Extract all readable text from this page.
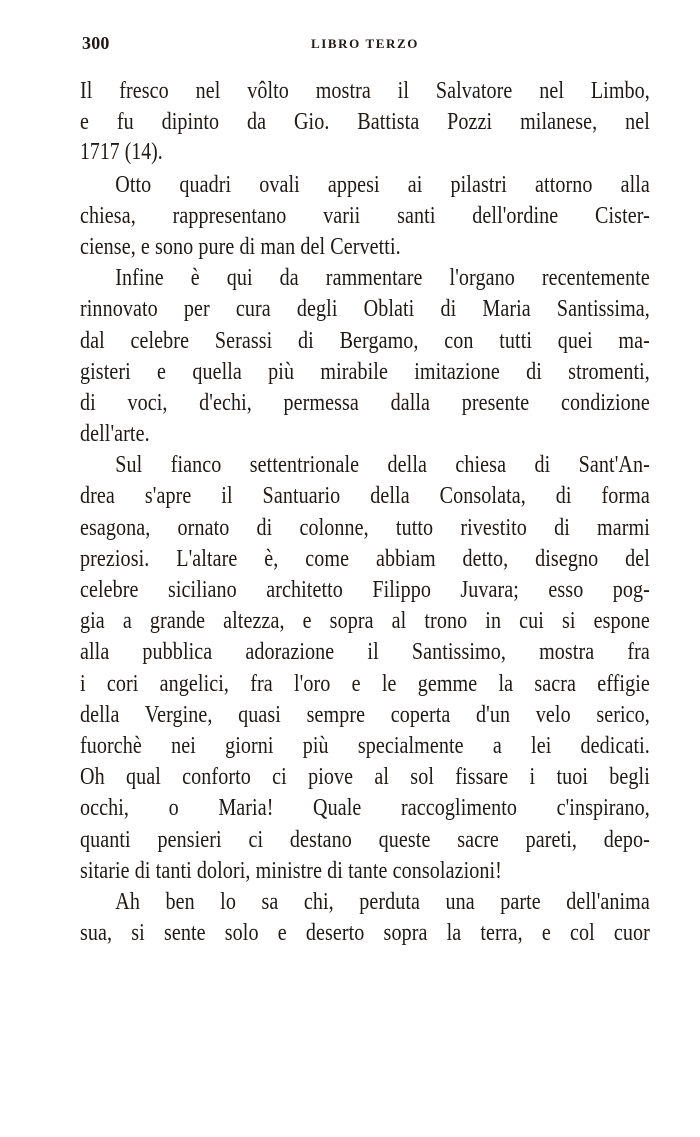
300	LIBRO TERZO
Il fresco nel vôlto mostra il Salvatore nel Limbo,
e fu dipinto da Gio. Battista Pozzi milanese, nel
1717 (14).
Otto quadri ovali appesi ai pilastri attorno alla
chiesa, rappresentano varii santi dell'ordine Cister-
ciense, e sono pure di man del Cervetti.
Infine è qui da rammentare l'organo recentemente
rinnovato per cura degli Oblati di Maria Santissima,
dal celebre Serassi di Bergamo, con tutti quei ma-
gisteri e quella più mirabile imitazione di stromenti,
di voci, d'echi, permessa dalla presente condizione
dell'arte.
Sul fianco settentrionale della chiesa di Sant'An-
drea s'apre il Santuario della Consolata, di forma
esagona, ornato di colonne, tutto rivestito di marmi
preziosi. L'altare è, come abbiam detto, disegno del
celebre siciliano architetto Filippo Juvara; esso pog-
gia a grande altezza, e sopra al trono in cui si espone
alla pubblica adorazione il Santissimo, mostra fra
i cori angelici, fra l'oro e le gemme la sacra effigie
della Vergine, quasi sempre coperta d'un velo serico,
fuorchè nei giorni più specialmente a lei dedicati.
Oh qual conforto ci piove al sol fissare i tuoi begli
occhi, o Maria! Quale raccoglimento c'inspirano,
quanti pensieri ci destano queste sacre pareti, depo-
sitarie di tanti dolori, ministre di tante consolazioni!
Ah ben lo sa chi, perduta una parte dell'anima
sua, si sente solo e deserto sopra la terra, e col cuor
